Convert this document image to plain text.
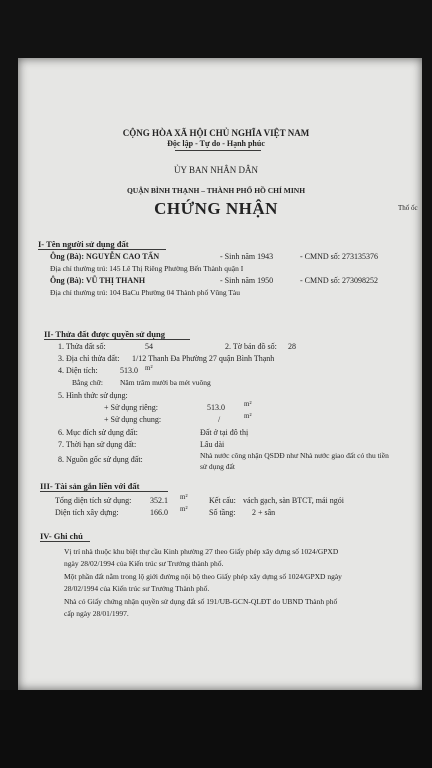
CỘNG HÒA XÃ HỘI CHỦ NGHĨA VIỆT NAM
Độc lập - Tự do - Hạnh phúc
ỦY BAN NHÂN DÂN
QUẬN BÌNH THẠNH – THÀNH PHỐ HỒ CHÍ MINH
CHỨNG NHẬN	Thố ốc
I- Tên người sử dụng đất
Ông (Bà): NGUYỄN CAO TẤN	- Sinh năm 1943	- CMND số: 273135376
Địa chỉ thường trú: 145 Lê Thị Riêng Phường Bến Thành quận I
Ông (Bà): VŨ THỊ THANH	- Sinh năm 1950	- CMND số: 273098252
Địa chỉ thường trú: 104 BaCu Phường 04 Thành phố Vũng Tàu
II- Thửa đất được quyền sử dụng
1. Thửa đất số:	54	2. Tờ bản đồ số: 28
3. Địa chỉ thửa đất: 1/12 Thanh Đa Phường 27 quận Bình Thạnh
4. Diện tích:	513.0 m²
Bằng chữ: Năm trăm mười ba mét vuông
5. Hình thức sử dụng:
+ Sử dụng riêng:	513.0	m²
+ Sử dụng chung:	/	m²
6. Mục đích sử dụng đất:	Đất ở tại đô thị
7. Thời hạn sử dụng đất:	Lâu dài
8. Nguồn gốc sử dụng đất:	Nhà nước công nhận QSDĐ như Nhà nước giao đất có thu tiền
sử dụng đất
III- Tài sản gắn liền với đất
Tổng diện tích sử dụng: 352.1 m²	Kết cấu: vách gạch, sàn BTCT, mái ngói
Diện tích xây dựng:	166.0 m²	Số tầng: 2 + sân
IV- Ghi chú
Vị trí nhà thuộc khu biệt thự cầu Kinh phường 27 theo Giấy phép xây dựng số 1024/GPXD
ngày 28/02/1994 của Kiến trúc sư Trưởng thành phố.
Một phần đất nằm trong lộ giới đường nội bộ theo Giấy phép xây dựng số 1024/GPXD ngày
28/02/1994 của Kiến trúc sư Trưởng Thành phố.
Nhà có Giấy chứng nhận quyền sử dụng đất số 191/UB-GCN-QLĐT do UBND Thành phố
cấp ngày 28/01/1997.
